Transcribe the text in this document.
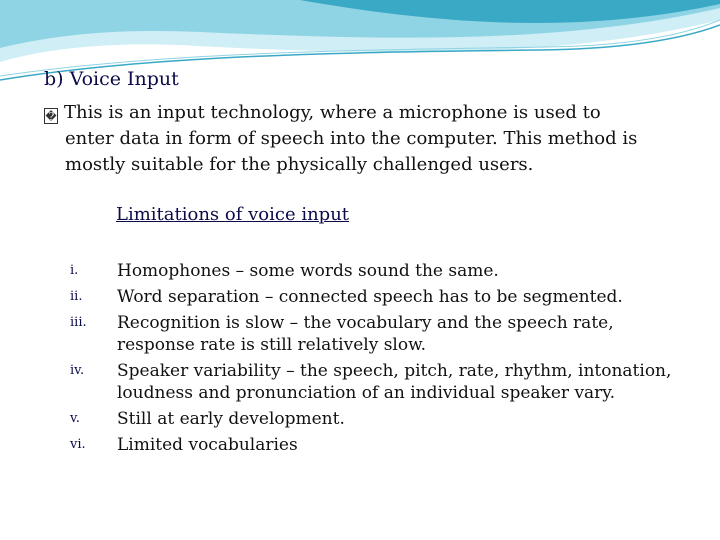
b) Voice Input

� This is an input technology, where a microphone is used to

enter data in form of speech into the computer. This method is mostly suitable for the physically challenged users.

Limitations of voice input
i.	Homophones – some words sound the same.
ii.	Word separation – connected speech has to be segmented.
iii.	Recognition is slow – the vocabulary and the speech rate, response rate is still relatively slow.
iv.	Speaker variability – the speech, pitch, rate, rhythm, intonation, loudness and pronunciation of an individual speaker vary.
v.	Still at early development.
vi.	Limited vocabularies
